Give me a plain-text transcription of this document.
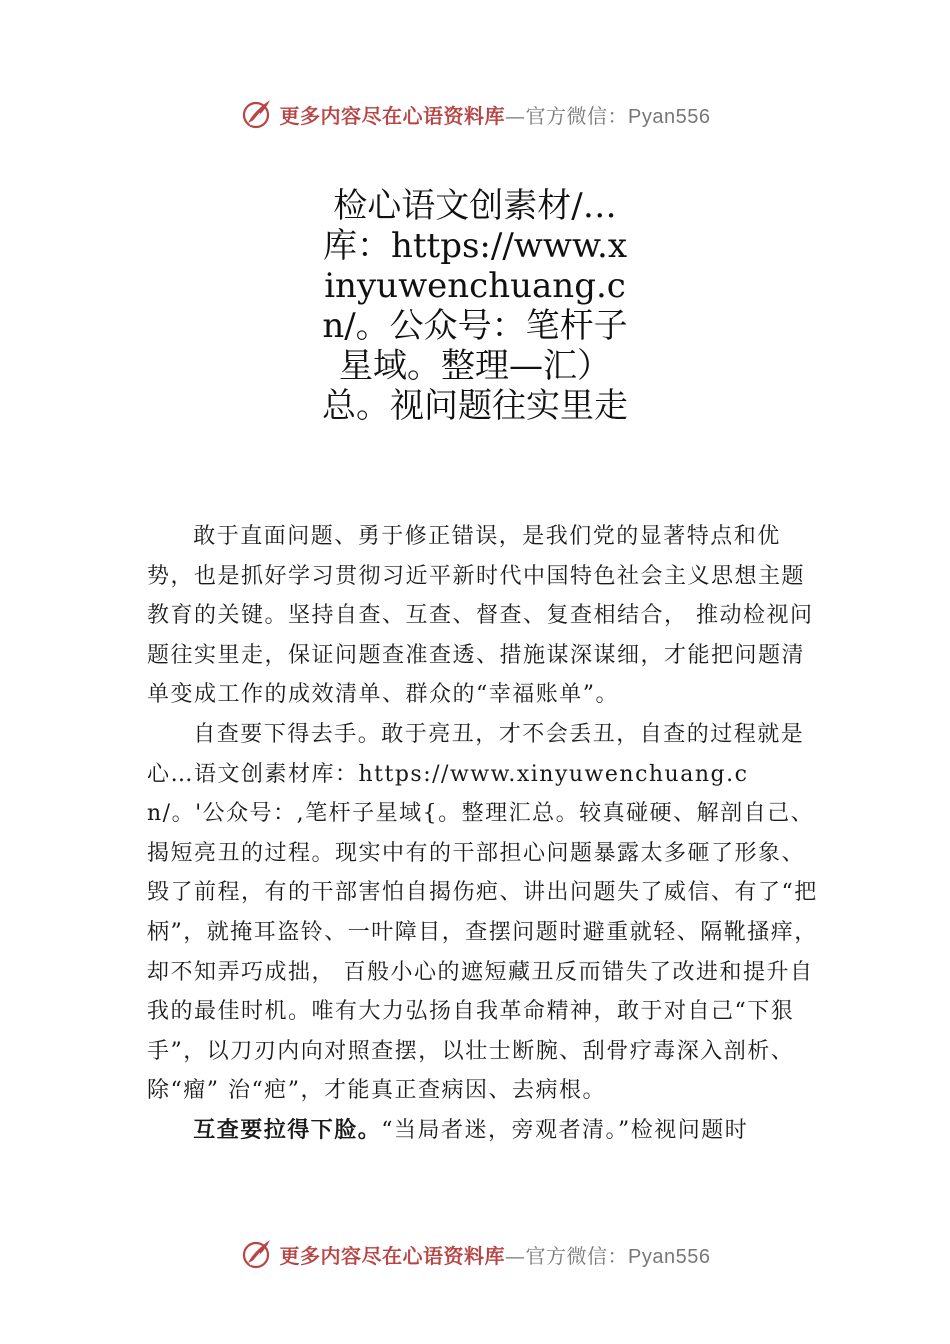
更多内容尽在心语资料库—官方微信：Pyan556
检心语文创素材/…库：https://www.xinyuwenchuang.cn/。公众号：笔杆子星域。整理—汇）总。视问题往实里走

敢于直面问题、勇于修正错误，是我们党的显著特点和优势，也是抓好学习贯彻习近平新时代中国特色社会主义思想主题教育的关键。坚持自查、互查、督查、复查相结合， 推动检视问题往实里走，保证问题查准查透、措施谋深谋细，才能把问题清单变成工作的成效清单、群众的“幸福账单”。

自查要下得去手。敢于亮丑，才不会丢丑，自查的过程就是心…语文创素材库：https://www.xinyuwenchuang.cn/。'公众号：,笔杆子星域{。整理汇总。较真碰硬、解剖自己、揭短亮丑的过程。现实中有的干部担心问题暴露太多砸了形象、毁了前程，有的干部害怕自揭伤疤、讲出问题失了威信、有了“把柄”，就掩耳盗铃、一叶障目，查摆问题时避重就轻、隔靴搔痒，却不知弄巧成拙， 百般小心的遮短藏丑反而错失了改进和提升自我的最佳时机。唯有大力弘扬自我革命精神，敢于对自己“下狠手”，以刀刃内向对照查摆，以壮士断腕、刮骨疗毒深入剖析、除“瘤” 治“疤”，才能真正查病因、去病根。

互查要拉得下脸。“当局者迷，旁观者清。”检视问题时

更多内容尽在心语资料库—官方微信：Pyan556
